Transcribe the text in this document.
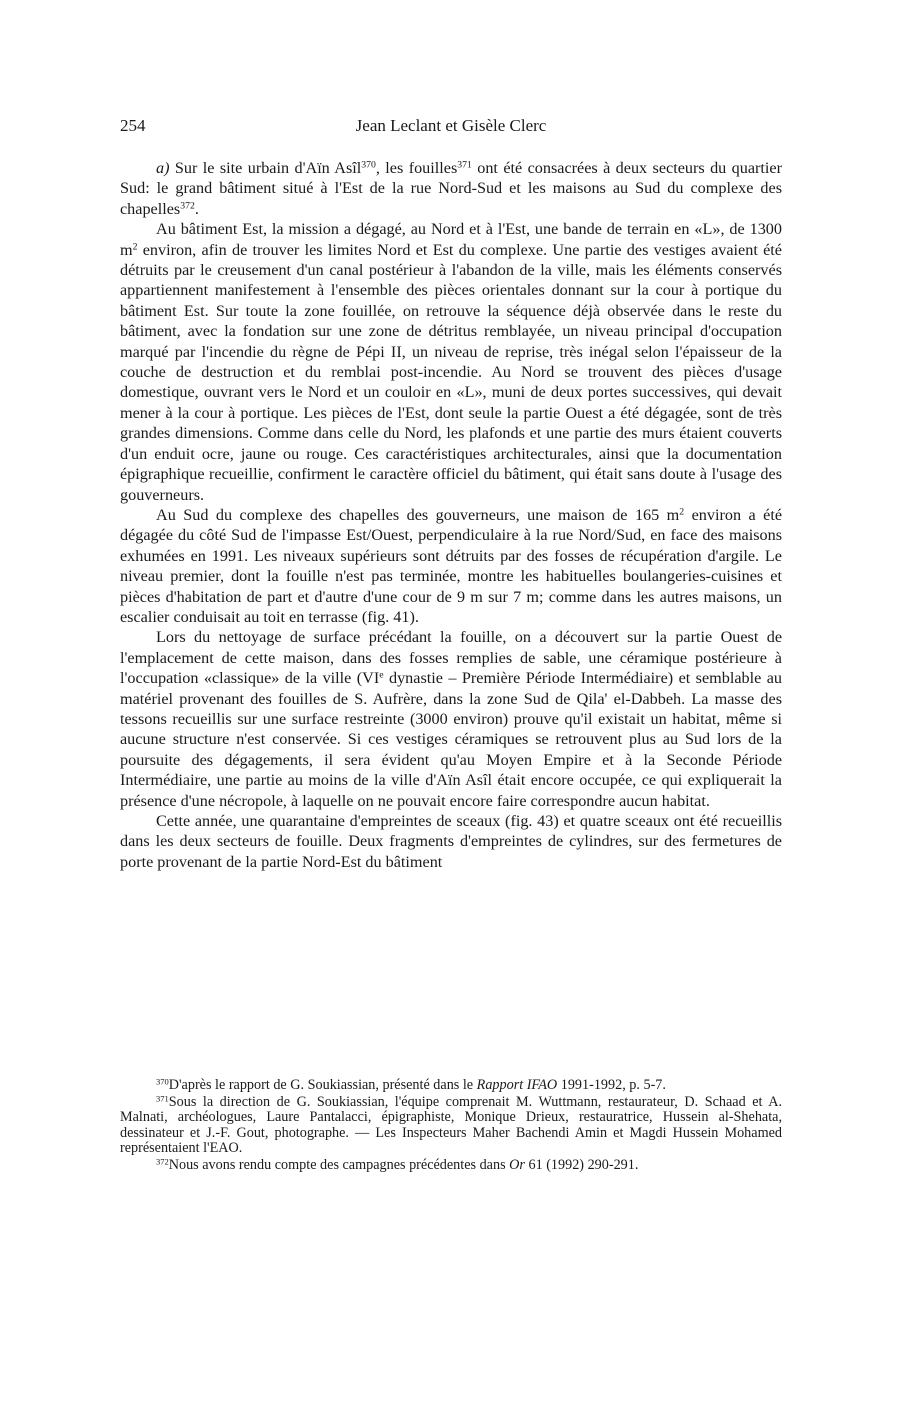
254	Jean Leclant et Gisèle Clerc

a) Sur le site urbain d'Aïn Asîl$^{370}$, les fouilles$^{371}$ ont été consacrées à deux secteurs du quartier Sud: le grand bâtiment situé à l'Est de la rue Nord-Sud et les maisons au Sud du complexe des chapelles$^{372}$.

Au bâtiment Est, la mission a dégagé, au Nord et à l'Est, une bande de terrain en «L», de 1300 $m^2$ environ, afin de trouver les limites Nord et Est du complexe. Une partie des vestiges avaient été détruits par le creusement d'un canal postérieur à l'abandon de la ville, mais les éléments conservés appartiennent manifestement à l'ensemble des pièces orientales donnant sur la cour à portique du bâtiment Est. Sur toute la zone fouillée, on retrouve la séquence déjà observée dans le reste du bâtiment, avec la fondation sur une zone de détritus remblayée, un niveau principal d'occupation marqué par l'incendie du règne de Pépi II, un niveau de reprise, très inégal selon l'épaisseur de la couche de destruction et du remblai post-incendie. Au Nord se trouvent des pièces d'usage domestique, ouvrant vers le Nord et un couloir en «L», muni de deux portes successives, qui devait mener à la cour à portique. Les pièces de l'Est, dont seule la partie Ouest a été dégagée, sont de très grandes dimensions. Comme dans celle du Nord, les plafonds et une partie des murs étaient couverts d'un enduit ocre, jaune ou rouge. Ces caractéristiques architecturales, ainsi que la documentation épigraphique recueillie, confirment le caractère officiel du bâtiment, qui était sans doute à l'usage des gouverneurs.

Au Sud du complexe des chapelles des gouverneurs, une maison de 165 $m^2$ environ a été dégagée du côté Sud de l'impasse Est/Ouest, perpendiculaire à la rue Nord/Sud, en face des maisons exhumées en 1991. Les niveaux supérieurs sont détruits par des fosses de récupération d'argile. Le niveau premier, dont la fouille n'est pas terminée, montre les habituelles boulangeries-cuisines et pièces d'habitation de part et d'autre d'une cour de 9 m sur 7 m; comme dans les autres maisons, un escalier conduisait au toit en terrasse (fig. 41).

Lors du nettoyage de surface précédant la fouille, on a découvert sur la partie Ouest de l'emplacement de cette maison, dans des fosses remplies de sable, une céramique postérieure à l'occupation «classique» de la ville (VIe dynastie – Première Période Intermédiaire) et semblable au matériel provenant des fouilles de S. Aufrère, dans la zone Sud de Qila' el-Dabbeh. La masse des tessons recueillis sur une surface restreinte (3000 environ) prouve qu'il existait un habitat, même si aucune structure n'est conservée. Si ces vestiges céramiques se retrouvent plus au Sud lors de la poursuite des dégagements, il sera évident qu'au Moyen Empire et à la Seconde Période Intermédiaire, une partie au moins de la ville d'Aïn Asîl était encore occupée, ce qui expliquerait la présence d'une nécropole, à laquelle on ne pouvait encore faire correspondre aucun habitat.

Cette année, une quarantaine d'empreintes de sceaux (fig. 43) et quatre sceaux ont été recueillis dans les deux secteurs de fouille. Deux fragments d'empreintes de cylindres, sur des fermetures de porte provenant de la partie Nord-Est du bâtiment

$^{370}$D'après le rapport de G. Soukiassian, présenté dans le Rapport IFAO 1991-1992, p. 5-7.

$^{371}$Sous la direction de G. Soukiassian, l'équipe comprenait M. Wuttmann, restaurateur, D. Schaad et A. Malnati, archéologues, Laure Pantalacci, épigraphiste, Monique Drieux, restauratrice, Hussein al-Shehata, dessinateur et J.-F. Gout, photographe. — Les Inspecteurs Maher Bachendi Amin et Magdi Hussein Mohamed représentaient l'EAO.

$^{372}$Nous avons rendu compte des campagnes précédentes dans Or 61 (1992) 290-291.
